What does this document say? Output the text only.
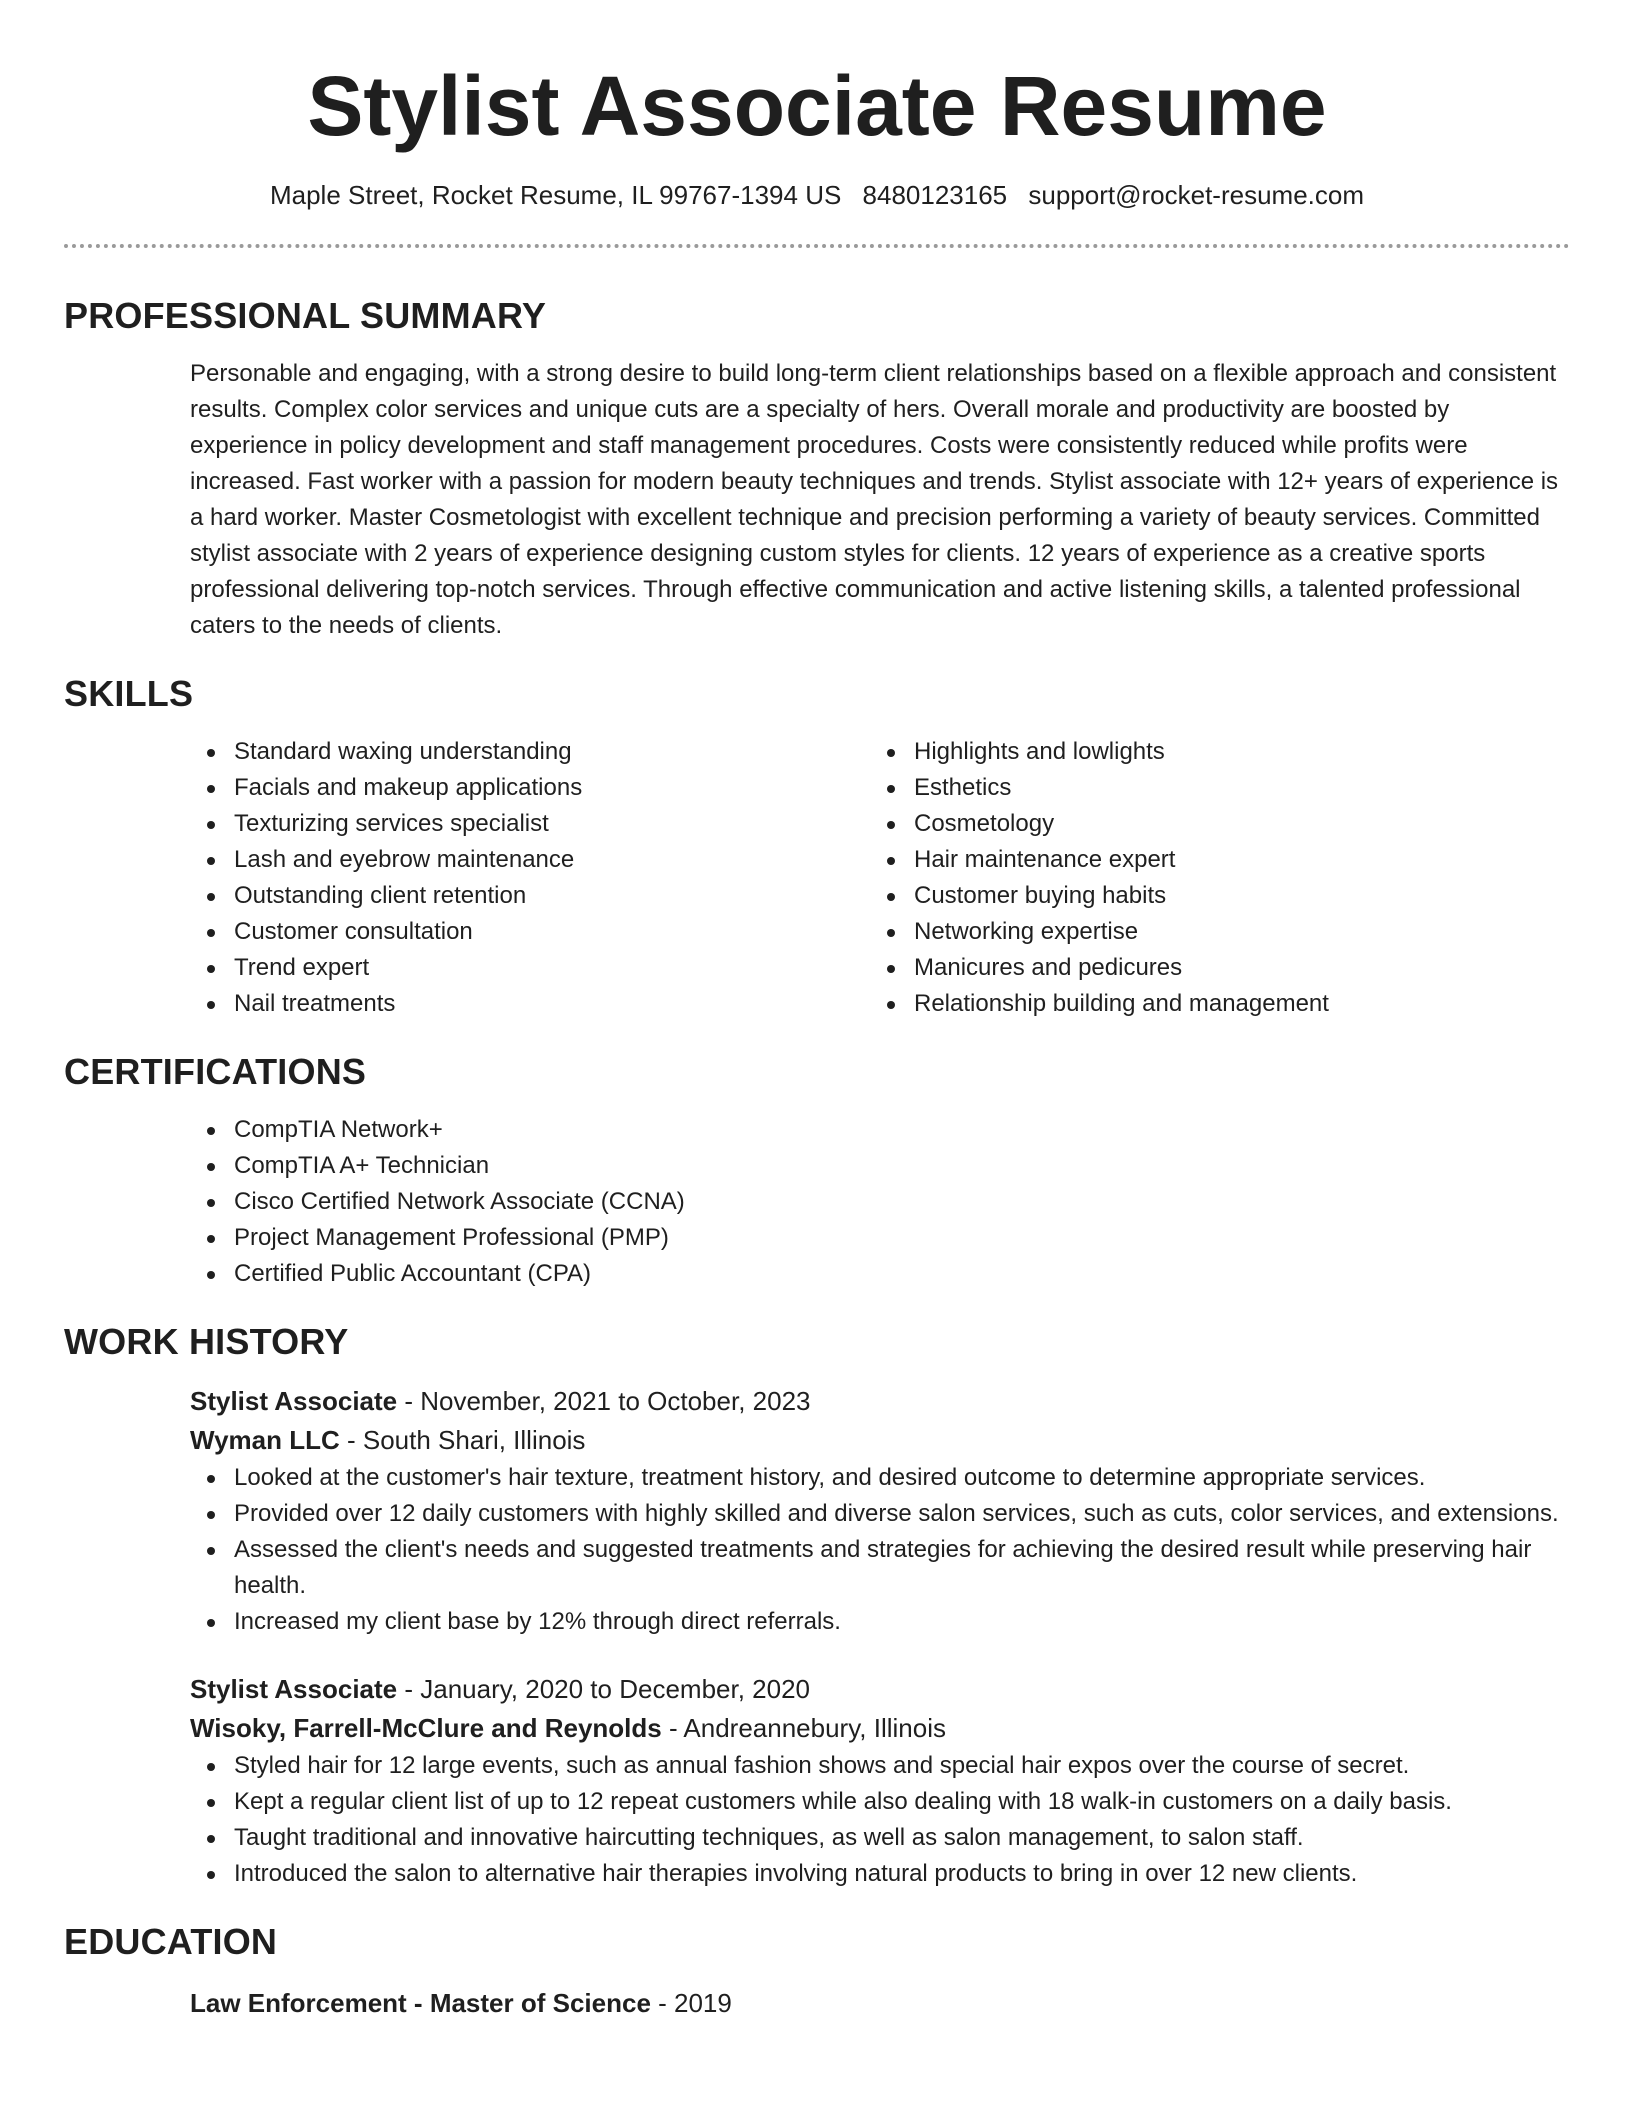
Stylist Associate Resume
Maple Street, Rocket Resume, IL 99767-1394 US 8480123165 support@rocket-resume.com
PROFESSIONAL SUMMARY
Personable and engaging, with a strong desire to build long-term client relationships based on a flexible approach and consistent results. Complex color services and unique cuts are a specialty of hers. Overall morale and productivity are boosted by experience in policy development and staff management procedures. Costs were consistently reduced while profits were increased. Fast worker with a passion for modern beauty techniques and trends. Stylist associate with 12+ years of experience is a hard worker. Master Cosmetologist with excellent technique and precision performing a variety of beauty services. Committed stylist associate with 2 years of experience designing custom styles for clients. 12 years of experience as a creative sports professional delivering top-notch services. Through effective communication and active listening skills, a talented professional caters to the needs of clients.
SKILLS
Standard waxing understanding
Facials and makeup applications
Texturizing services specialist
Lash and eyebrow maintenance
Outstanding client retention
Customer consultation
Trend expert
Nail treatments
Highlights and lowlights
Esthetics
Cosmetology
Hair maintenance expert
Customer buying habits
Networking expertise
Manicures and pedicures
Relationship building and management
CERTIFICATIONS
CompTIA Network+
CompTIA A+ Technician
Cisco Certified Network Associate (CCNA)
Project Management Professional (PMP)
Certified Public Accountant (CPA)
WORK HISTORY
Stylist Associate - November, 2021 to October, 2023
Wyman LLC - South Shari, Illinois
Looked at the customer's hair texture, treatment history, and desired outcome to determine appropriate services.
Provided over 12 daily customers with highly skilled and diverse salon services, such as cuts, color services, and extensions.
Assessed the client's needs and suggested treatments and strategies for achieving the desired result while preserving hair health.
Increased my client base by 12% through direct referrals.
Stylist Associate - January, 2020 to December, 2020
Wisoky, Farrell-McClure and Reynolds - Andreannebury, Illinois
Styled hair for 12 large events, such as annual fashion shows and special hair expos over the course of secret.
Kept a regular client list of up to 12 repeat customers while also dealing with 18 walk-in customers on a daily basis.
Taught traditional and innovative haircutting techniques, as well as salon management, to salon staff.
Introduced the salon to alternative hair therapies involving natural products to bring in over 12 new clients.
EDUCATION
Law Enforcement - Master of Science - 2019
